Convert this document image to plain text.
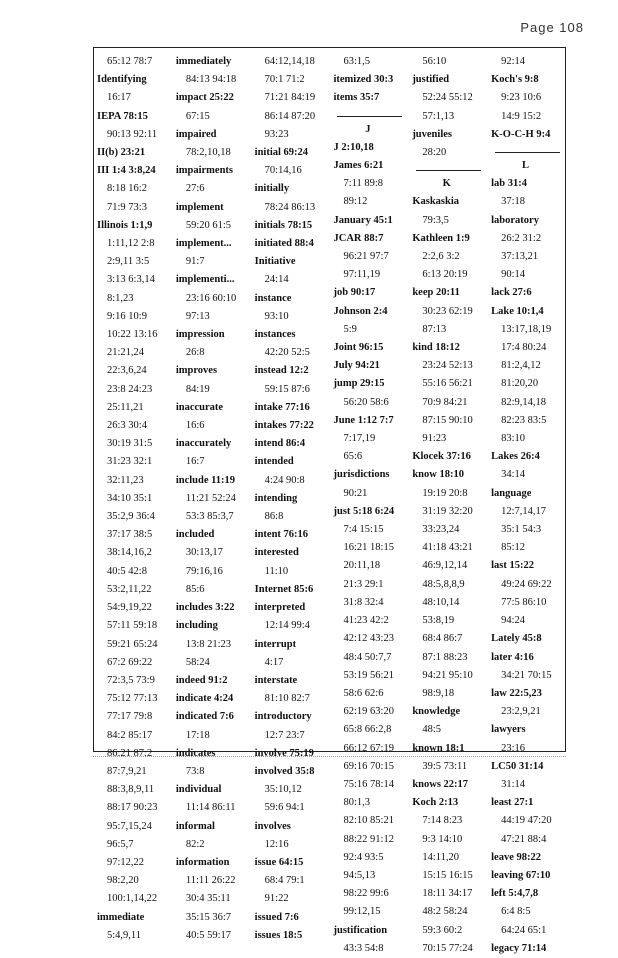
Page 108
65:12 78:7
Identifying
16:17
IEPA 78:15
90:13 92:11
II(b) 23:21
III 1:4 3:8,24
8:18 16:2
71:9 73:3
Illinois 1:1,9
1:11,12 2:8
2:9,11 3:5
3:13 6:3,14
8:1,23
9:16 10:9
10:22 13:16
21:21,24
22:3,6,24
23:8 24:23
25:11,21
26:3 30:4
30:19 31:5
31:23 32:1
32:11,23
34:10 35:1
35:2,9 36:4
37:17 38:5
38:14,16,2
40:5 42:8
53:2,11,22
54:9,19,22
57:11 59:18
59:21 65:24
67:2 69:22
72:3,5 73:9
75:12 77:13
77:17 79:8
84:2 85:17
86:21 87:2
87:7,9,21
88:3,8,9,11
88:17 90:23
95:7,15,24
96:5,7
97:12,22
98:2,20
100:1,14,22
immediate
5:4,9,11
immediately
84:13 94:18
impact 25:22
67:15
impaired
78:2,10,18
impairments
27:6
implement
59:20 61:5
implement...
91:7
implementi...
23:16 60:10
97:13
impression
26:8
improves
84:19
inaccurate
16:6
inaccurately
16:7
include 11:19
11:21 52:24
53:3 85:3,7
included
30:13,17
79:16,16
85:6
includes 3:22
including
13:8 21:23
58:24
indeed 91:2
indicate 4:24
indicated 7:6
17:18
indicates
73:8
individual
11:14 86:11
informal
82:2
information
11:11 26:22
30:4 35:11
35:15 36:7
40:5 59:17
64:12,14,18
70:1 71:2
71:21 84:19
86:14 87:20
93:23
initial 69:24
70:14,16
initially
78:24 86:13
initials 78:15
initiated 88:4
Initiative
24:14
instance
93:10
instances
42:20 52:5
instead 12:2
59:15 87:6
intake 77:16
intakes 77:22
intend 86:4
intended
4:24 90:8
intending
86:8
intent 76:16
interested
11:10
Internet 85:6
interpreted
12:14 99:4
interrupt
4:17
interstate
81:10 82:7
introductory
12:7 23:7
involve 75:19
involved 35:8
35:10,12
59:6 94:1
involves
12:16
issue 64:15
68:4 79:1
91:22
issued 7:6
issues 18:5
63:1,5
itemized 30:3
items 35:7
J
J 2:10,18
James 6:21
7:11 89:8
89:12
January 45:1
JCAR 88:7
96:21 97:7
97:11,19
job 90:17
Johnson 2:4
5:9
Joint 96:15
July 94:21
jump 29:15
56:20 58:6
June 1:12 7:7
7:17,19
65:6
jurisdictions
90:21
just 5:18 6:24
7:4 15:15
16:21 18:15
20:11,18
21:3 29:1
31:8 32:4
41:23 42:2
42:12 43:23
48:4 50:7,7
53:19 56:21
58:6 62:6
62:19 63:20
65:8 66:2,8
66:12 67:19
69:16 70:15
75:16 78:14
80:1,3
82:10 85:21
88:22 91:12
92:4 93:5
94:5,13
98:22 99:6
99:12,15
justification
43:3 54:8
56:10
justified
52:24 55:12
57:1,13
juveniles
28:20
K
Kaskaskia
79:3,5
Kathleen 1:9
2:2,6 3:2
6:13 20:19
keep 20:11
30:23 62:19
87:13
kind 18:12
23:24 52:13
55:16 56:21
70:9 84:21
87:15 90:10
91:23
Klocek 37:16
know 18:10
19:19 20:8
31:19 32:20
33:23,24
41:18 43:21
46:9,12,14
48:5,8,8,9
48:10,14
53:8,19
68:4 86:7
87:1 88:23
94:21 95:10
98:9,18
knowledge
48:5
known 18:1
39:5 73:11
knows 22:17
Koch 2:13
7:14 8:23
9:3 14:10
14:11,20
15:15 16:15
18:11 34:17
48:2 58:24
59:3 60:2
70:15 77:24
92:14
Koch's 9:8
9:23 10:6
14:9 15:2
K-O-C-H 9:4
L
lab 31:4
37:18
laboratory
26:2 31:2
37:13,21
90:14
lack 27:6
Lake 10:1,4
13:17,18,19
17:4 80:24
81:2,4,12
81:20,20
82:9,14,18
82:23 83:5
83:10
Lakes 26:4
34:14
language
12:7,14,17
35:1 54:3
85:12
last 15:22
49:24 69:22
77:5 86:10
94:24
Lately 45:8
later 4:16
34:21 70:15
law 22:5,23
23:2,9,21
lawyers
23:16
LC50 31:14
31:14
least 27:1
44:19 47:20
47:21 88:4
leave 98:22
leaving 67:10
left 5:4,7,8
6:4 8:5
64:24 65:1
legacy 71:14
